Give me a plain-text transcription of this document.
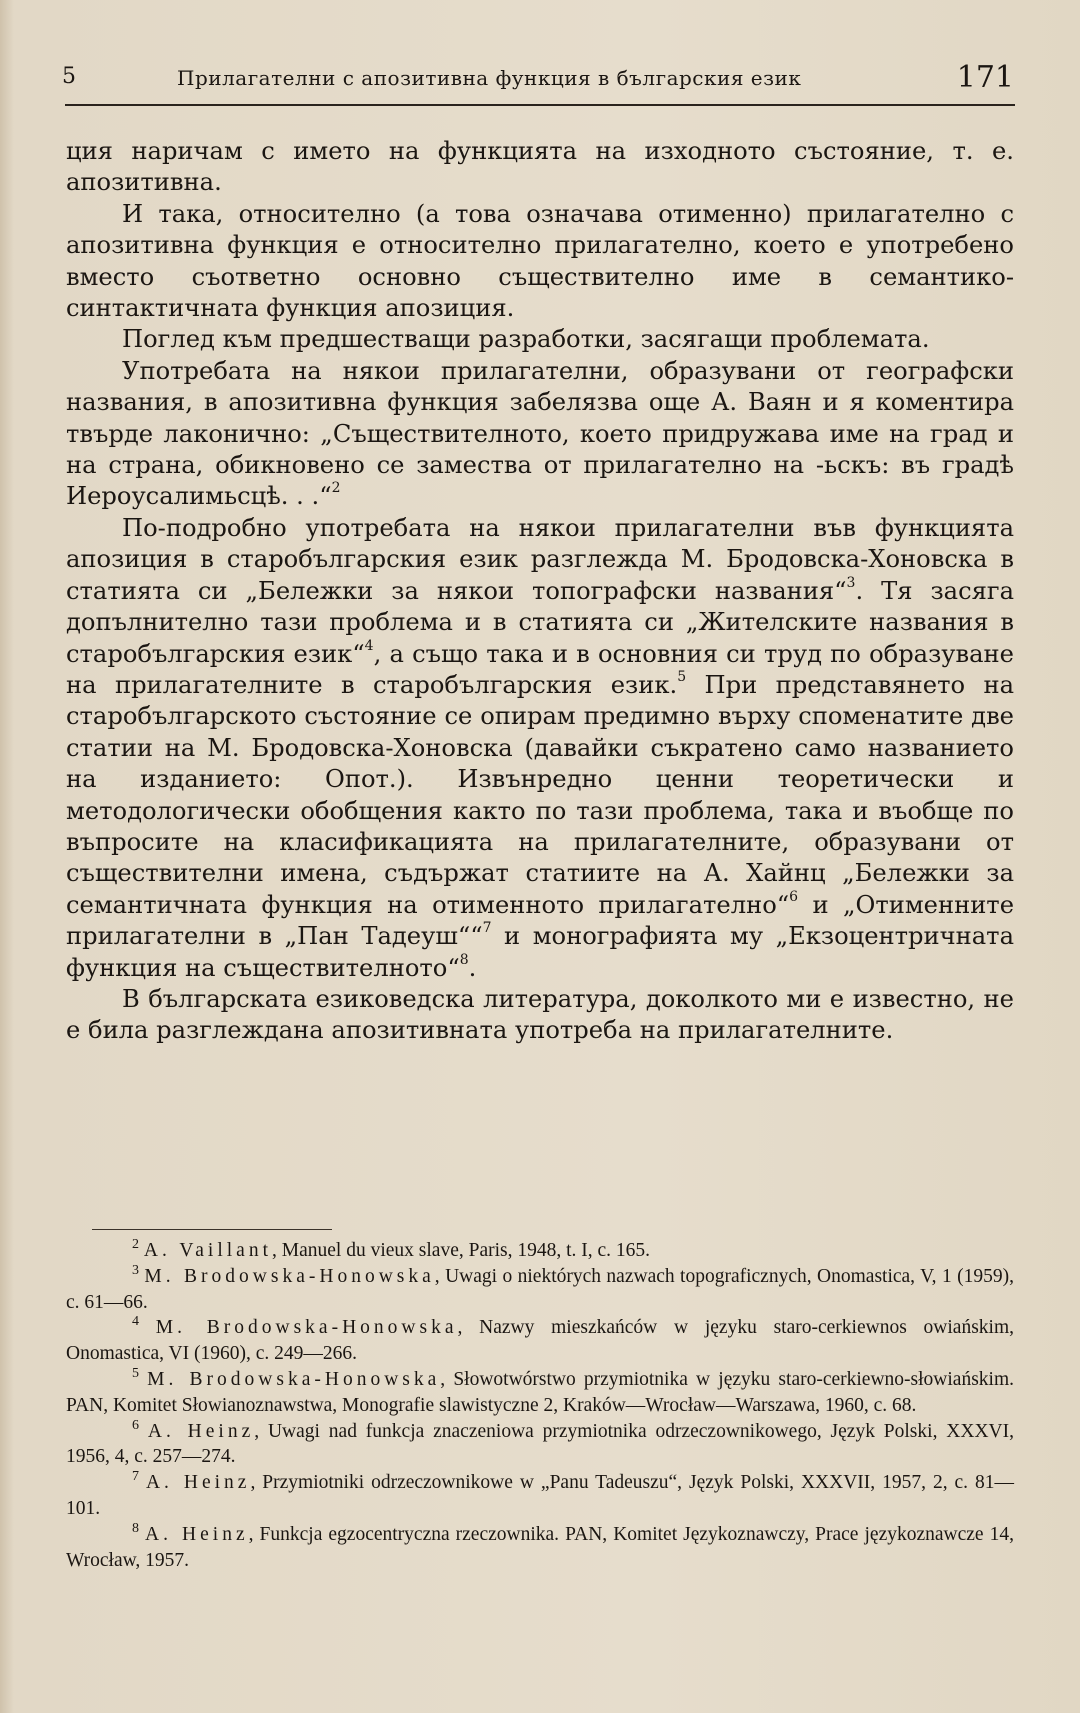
5	Прилагателни с апозитивна функция в българския език	171

ция наричам с името на функцията на изходното състояние, т. е. апозитивна.

И така, относително (а това означава отименно) прилагателно с апозитивна функция е относително прилагателно, което е употребено вместо съответно основно съществително име в семантико-синтактичната функция апозиция.

Поглед към предшестващи разработки, засягащи проблемата.

Употребата на някои прилагателни, образувани от географски названия, в апозитивна функция забелязва още А. Ваян и я коментира твърде лаконично: „Съществителното, което придружава име на град и на страна, обикновено се замества от прилагателно на -ьскъ: въ градѣ Иероусалимьсцѣ. . .“$^2$

По-подробно употребата на някои прилагателни във функцията апозиция в старобългарския език разглежда М. Бродовска-Хоновска в статията си „Бележки за някои топографски названия“$^3$. Тя засяга допълнително тази проблема и в статията си „Жителските названия в старобългарския език“$^4$, а също така и в основния си труд по образуване на прилагателните в старобългарския език.$^5$ При представянето на старобългарското състояние се опирам предимно върху споменатите две статии на М. Бродовска-Хоновска (давайки съкратено само названието на изданието: Опот.). Извънредно ценни теоретически и методологически обобщения както по тази проблема, така и въобще по въпросите на класификацията на прилагателните, образувани от съществителни имена, съдържат статиите на А. Хайнц „Бележки за семантичната функция на отименното прилагателно“$^6$ и „Отименните прилагателни в „Пан Тадеуш““$^7$ и монографията му „Екзоцентричната функция на съществителното“$^8$.

В българската езиковедска литература, доколкото ми е известно, не е била разглеждана апозитивната употреба на прилагателните.

$^2$ A. Vaillant, Manuel du vieux slave, Paris, 1948, t. I, c. 165.

$^3$ M. Brodowska-Honowska, Uwagi o niektórych nazwach topograficznych, Onomastica, V, 1 (1959), c. 61—66.

$^4$ M. Brodowska-Honowska, Nazwy mieszkańców w języku staro-cerkiewnos owiańskim, Onomastica, VI (1960), c. 249—266.

$^5$ M. Brodowska-Honowska, Słowotwórstwo przymiotnika w języku staro-cerkiewno-słowiańskim. PAN, Komitet Słowianoznawstwa, Monografie slawistyczne 2, Kraków—Wrocław—Warszawa, 1960, c. 68.

$^6$ A. Heinz, Uwagi nad funkcja znaczeniowa przymiotnika odrzeczownikowego, Język Polski, XXXVI, 1956, 4, c. 257—274.

$^7$ A. Heinz, Przymiotniki odrzeczownikowe w „Panu Tadeuszu“, Język Polski, XXXVII, 1957, 2, c. 81—101.

$^8$ A. Heinz, Funkcja egzocentryczna rzeczownika. PAN, Komitet Językoznawczy, Prace językoznawcze 14, Wrocław, 1957.
